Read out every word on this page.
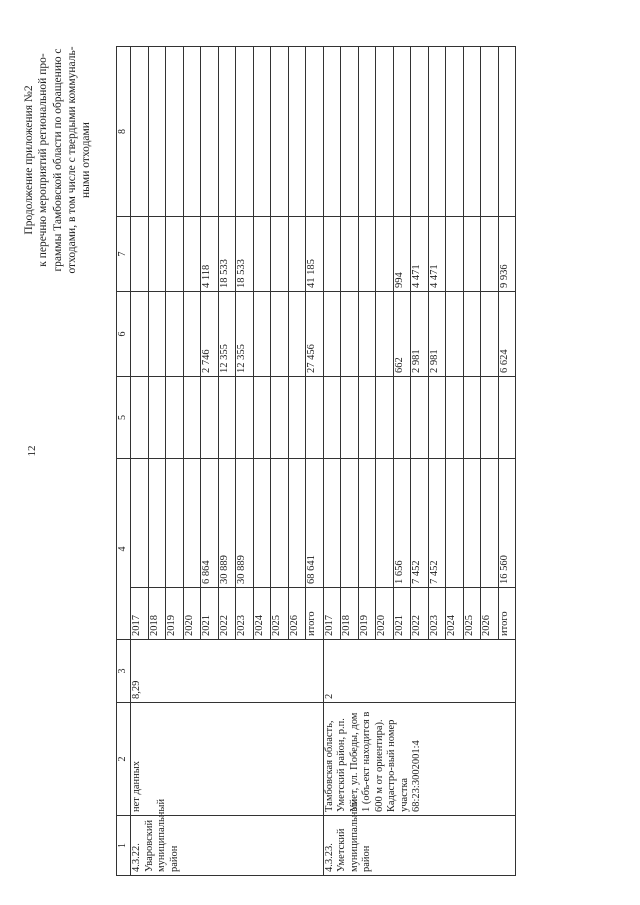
12
Продолжение приложения №2 к перечню мероприятий региональной про- граммы Тамбовской области по обращению с отходами, в том числе с твердыми коммуналь- ными отходами
1	2	3	4		5	6	7	8
4.3.22. Уваровский муниципальный район	нет данных	8,29	2017					
			2018					
			2019					
			2020					
			2021	6 864		2 746	4 118	
			2022	30 889		12 355	18 533	
			2023	30 889		12 355	18 533	
			2024					
			2025					
			2026					
			итого	68 641		27 456	41 185	
4.3.23. Уметский муниципальный район	Тамбовская область, Уметский район, р.п. Умет, ул. Победы, дом 1 (объ-ект находится в 600 м от ориентира). Кадастро-вый номер участка 68:23:3002001:4	2	2017					
			2018					
			2019					
			2020					
			2021	1 656		662	994	
			2022	7 452		2 981	4 471	
			2023	7 452		2 981	4 471	
			2024					
			2025					
			2026					
			итого	16 560		6 624	9 936	
